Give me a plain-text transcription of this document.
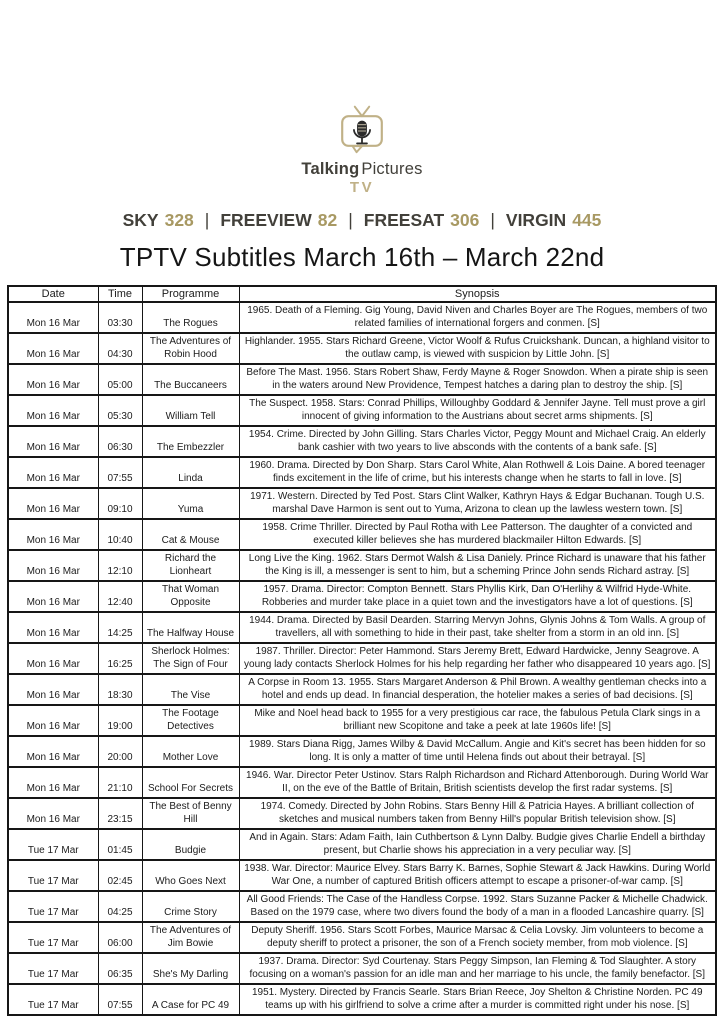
Talking Pictures
TV
SKY 328 | FREEVIEW 82 | FREESAT 306 | VIRGIN 445
TPTV Subtitles March 16th – March 22nd
Date	Time	Programme	Synopsis
Mon 16 Mar	03:30	The Rogues	1965. Death of a Fleming. Gig Young, David Niven and Charles Boyer are The Rogues, members of two related families of international forgers and conmen. [S]
Mon 16 Mar	04:30	The Adventures of Robin Hood	Highlander. 1955. Stars Richard Greene, Victor Woolf & Rufus Cruickshank. Duncan, a highland visitor to the outlaw camp, is viewed with suspicion by Little John. [S]
Mon 16 Mar	05:00	The Buccaneers	Before The Mast. 1956. Stars Robert Shaw, Ferdy Mayne & Roger Snowdon. When a pirate ship is seen in the waters around New Providence, Tempest hatches a daring plan to destroy the ship. [S]
Mon 16 Mar	05:30	William Tell	The Suspect. 1958. Stars: Conrad Phillips, Willoughby Goddard & Jennifer Jayne. Tell must prove a girl innocent of giving information to the Austrians about secret arms shipments. [S]
Mon 16 Mar	06:30	The Embezzler	1954. Crime. Directed by John Gilling. Stars Charles Victor, Peggy Mount and Michael Craig. An elderly bank cashier with two years to live absconds with the contents of a bank safe. [S]
Mon 16 Mar	07:55	Linda	1960. Drama. Directed by Don Sharp. Stars Carol White, Alan Rothwell & Lois Daine. A bored teenager finds excitement in the life of crime, but his interests change when he starts to fall in love. [S]
Mon 16 Mar	09:10	Yuma	1971. Western. Directed by Ted Post. Stars Clint Walker, Kathryn Hays & Edgar Buchanan. Tough U.S. marshal Dave Harmon is sent out to Yuma, Arizona to clean up the lawless western town. [S]
Mon 16 Mar	10:40	Cat & Mouse	1958. Crime Thriller. Directed by Paul Rotha with Lee Patterson. The daughter of a convicted and executed killer believes she has murdered blackmailer Hilton Edwards. [S]
Mon 16 Mar	12:10	Richard the Lionheart	Long Live the King. 1962. Stars Dermot Walsh & Lisa Daniely. Prince Richard is unaware that his father the King is ill, a messenger is sent to him, but a scheming Prince John sends Richard astray. [S]
Mon 16 Mar	12:40	That Woman Opposite	1957. Drama. Director: Compton Bennett. Stars Phyllis Kirk, Dan O'Herlihy & Wilfrid Hyde-White. Robberies and murder take place in a quiet town and the investigators have a lot of questions. [S]
Mon 16 Mar	14:25	The Halfway House	1944. Drama. Directed by Basil Dearden. Starring Mervyn Johns, Glynis Johns & Tom Walls. A group of travellers, all with something to hide in their past, take shelter from a storm in an old inn. [S]
Mon 16 Mar	16:25	Sherlock Holmes: The Sign of Four	1987. Thriller. Director: Peter Hammond. Stars Jeremy Brett, Edward Hardwicke, Jenny Seagrove. A young lady contacts Sherlock Holmes for his help regarding her father who disappeared 10 years ago. [S]
Mon 16 Mar	18:30	The Vise	A Corpse in Room 13. 1955. Stars Margaret Anderson & Phil Brown. A wealthy gentleman checks into a hotel and ends up dead. In financial desperation, the hotelier makes a series of bad decisions. [S]
Mon 16 Mar	19:00	The Footage Detectives	Mike and Noel head back to 1955 for a very prestigious car race, the fabulous Petula Clark sings in a brilliant new Scopitone and take a peek at late 1960s life! [S]
Mon 16 Mar	20:00	Mother Love	1989. Stars Diana Rigg, James Wilby & David McCallum. Angie and Kit's secret has been hidden for so long. It is only a matter of time until Helena finds out about their betrayal. [S]
Mon 16 Mar	21:10	School For Secrets	1946. War. Director Peter Ustinov. Stars Ralph Richardson and Richard Attenborough. During World War II, on the eve of the Battle of Britain, British scientists develop the first radar systems. [S]
Mon 16 Mar	23:15	The Best of Benny Hill	1974. Comedy. Directed by John Robins. Stars Benny Hill & Patricia Hayes. A brilliant collection of sketches and musical numbers taken from Benny Hill's popular British television show. [S]
Tue 17 Mar	01:45	Budgie	And in Again. Stars: Adam Faith, Iain Cuthbertson & Lynn Dalby. Budgie gives Charlie Endell a birthday present, but Charlie shows his appreciation in a very peculiar way. [S]
Tue 17 Mar	02:45	Who Goes Next	1938. War. Director: Maurice Elvey. Stars Barry K. Barnes, Sophie Stewart & Jack Hawkins. During World War One, a number of captured British officers attempt to escape a prisoner-of-war camp. [S]
Tue 17 Mar	04:25	Crime Story	All Good Friends: The Case of the Handless Corpse. 1992. Stars Suzanne Packer & Michelle Chadwick. Based on the 1979 case, where two divers found the body of a man in a flooded Lancashire quarry. [S]
Tue 17 Mar	06:00	The Adventures of Jim Bowie	Deputy Sheriff. 1956. Stars Scott Forbes, Maurice Marsac & Celia Lovsky. Jim volunteers to become a deputy sheriff to protect a prisoner, the son of a French society member, from mob violence. [S]
Tue 17 Mar	06:35	She's My Darling	1937. Drama. Director: Syd Courtenay. Stars Peggy Simpson, Ian Fleming & Tod Slaughter. A story focusing on a woman's passion for an idle man and her marriage to his uncle, the family benefactor. [S]
Tue 17 Mar	07:55	A Case for PC 49	1951. Mystery. Directed by Francis Searle. Stars Brian Reece, Joy Shelton & Christine Norden. PC 49 teams up with his girlfriend to solve a crime after a murder is committed right under his nose. [S]
